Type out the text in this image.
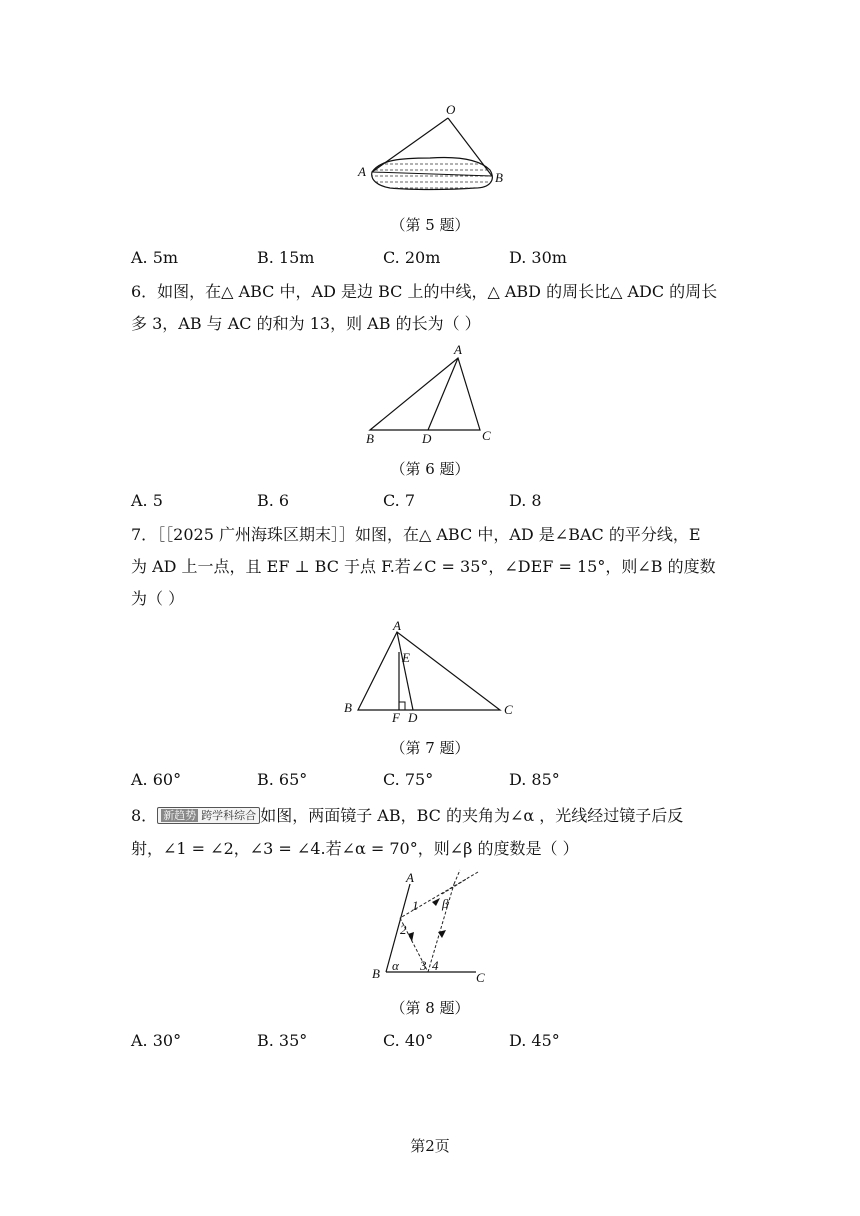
O
A	B
（第 5 题）
A. 5m	B. 15m	C. 20m	D. 30m
6．如图，在△ ABC 中，AD 是边 BC 上的中线，△ ABD 的周长比△ ADC 的周长
多 3，AB 与 AC 的和为 13，则 AB 的长为（ ）
A
B	C
D
（第 6 题）
A. 5	B. 6	C. 7	D. 8
7．［［2025 广州海珠区期末］］如图，在△ ABC 中，AD 是∠BAC 的平分线，E
为 AD 上一点，且 EF ⊥ BC 于点 F.若∠C = 35°，∠DEF = 15°，则∠B 的度数
为（ ）
A
B	C
D
E
F
（第 7 题）
A. 60°	B. 65°	C. 75°	D. 85°
8． 新趋势 跨学科综合 如图，两面镜子 AB，BC 的夹角为∠α ，光线经过镜子后反
射，∠1 = ∠2，∠3 = ∠4.若∠α = 70°，则∠β 的度数是（ ）
A
B	C
1
2
3 4
α
β
（第 8 题）
A. 30°	B. 35°	C. 40°	D. 45°
第2页
